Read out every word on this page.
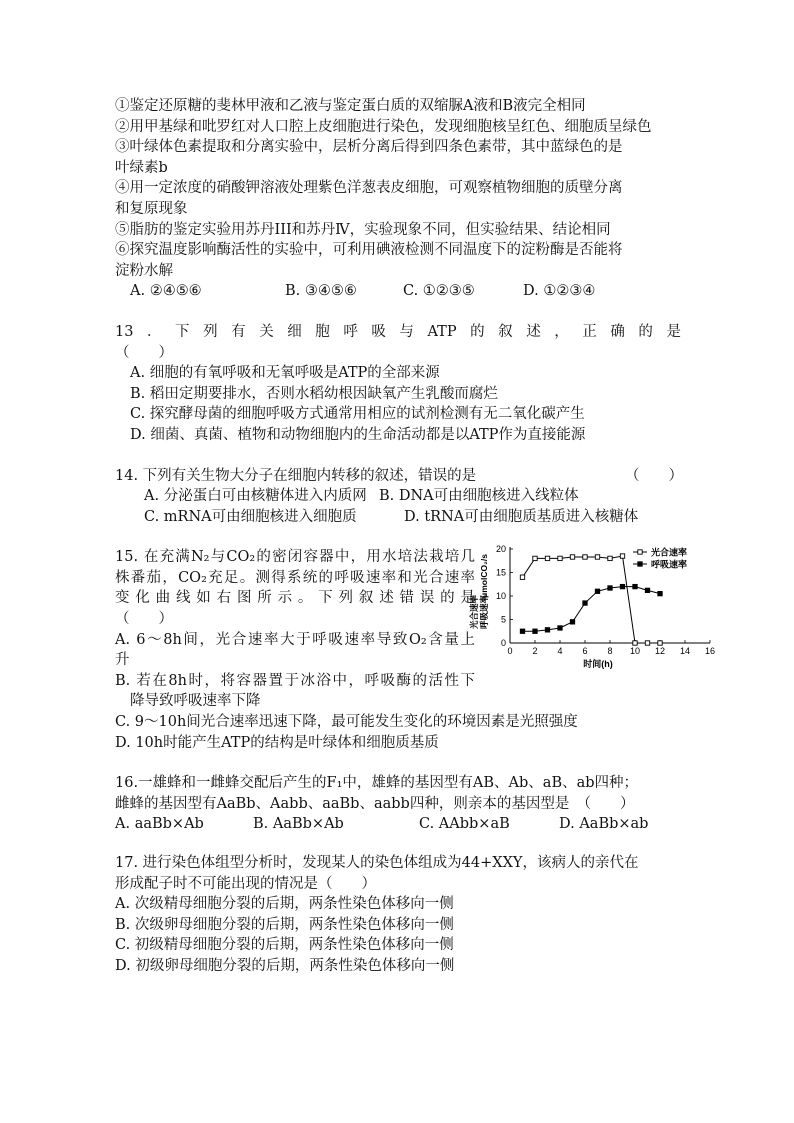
①鉴定还原糖的斐林甲液和乙液与鉴定蛋白质的双缩脲A液和B液完全相同
②用甲基绿和吡罗红对人口腔上皮细胞进行染色，发现细胞核呈红色、细胞质呈绿色
③叶绿体色素提取和分离实验中，层析分离后得到四条色素带，其中蓝绿色的是
叶绿素b
④用一定浓度的硝酸钾溶液处理紫色洋葱表皮细胞，可观察植物细胞的质壁分离
和复原现象
⑤脂肪的鉴定实验用苏丹III和苏丹Ⅳ，实验现象不同，但实验结果、结论相同
⑥探究温度影响酶活性的实验中，可利用碘液检测不同温度下的淀粉酶是否能将
淀粉水解
A. ②④⑤⑥	B. ③④⑤⑥	C. ①②③⑤	D. ①②③④
13 ． 下 列 有 关 细 胞 呼 吸 与 ATP 的 叙 述 ， 正 确 的 是
（　　）
A. 细胞的有氧呼吸和无氧呼吸是ATP的全部来源
B. 稻田定期要排水，否则水稻幼根因缺氧产生乳酸而腐烂
C. 探究酵母菌的细胞呼吸方式通常用相应的试剂检测有无二氧化碳产生
D. 细菌、真菌、植物和动物细胞内的生命活动都是以ATP作为直接能源
14. 下列有关生物大分子在细胞内转移的叙述，错误的是	（　　）
A. 分泌蛋白可由核糖体进入内质网 B. DNA可由细胞核进入线粒体
C. mRNA可由细胞核进入细胞质	D. tRNA可由细胞质基质进入核糖体
15. 在充满N₂与CO₂的密闭容器中，用水培法栽培几
株番茄，CO₂充足。测得系统的呼吸速率和光合速率
变化曲线如右图所示。下列叙述错误的是
（　　）
A. 6～8h间，光合速率大于呼吸速率导致O₂含量上
升
B. 若在8h时，将容器置于冰浴中，呼吸酶的活性下
降导致呼吸速率下降
C. 9～10h间光合速率迅速下降，最可能发生变化的环境因素是光照强度
D. 10h时能产生ATP的结构是叶绿体和细胞质基质
0 2 4 6 8 10 12 14 16
0
5
10
15
20
时间(h)
光合速率 呼吸速率
μmolCO₂/s
光合速率
呼吸速率
16.一雄蜂和一雌蜂交配后产生的F₁中，雄蜂的基因型有AB、Ab、aB、ab四种；
雌蜂的基因型有AaBb、Aabb、aaBb、aabb四种，则亲本的基因型是　（　　）
A. aaBb×Ab	B. AaBb×Ab	C. AAbb×aB	D. AaBb×ab
17. 进行染色体组型分析时，发现某人的染色体组成为44+XXY，该病人的亲代在
形成配子时不可能出现的情况是（　　）
A. 次级精母细胞分裂的后期，两条性染色体移向一侧
B. 次级卵母细胞分裂的后期，两条性染色体移向一侧
C. 初级精母细胞分裂的后期，两条性染色体移向一侧
D. 初级卵母细胞分裂的后期，两条性染色体移向一侧
